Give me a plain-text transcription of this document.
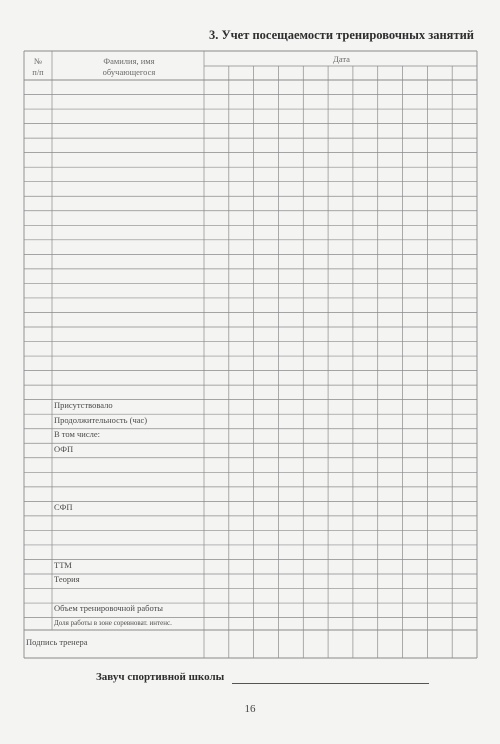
3. Учет посещаемости тренировочных занятий
№
п/п
Фамилия, имя
обучающегося
Дата
Присутствовало
Продолжительность (час)
В том числе:
ОФП
СФП
ТТМ
Теория
Объем тренировочной работы
Доля работы в зоне соревноват. интенс.
Подпись тренера
Завуч спортивной школы
16
